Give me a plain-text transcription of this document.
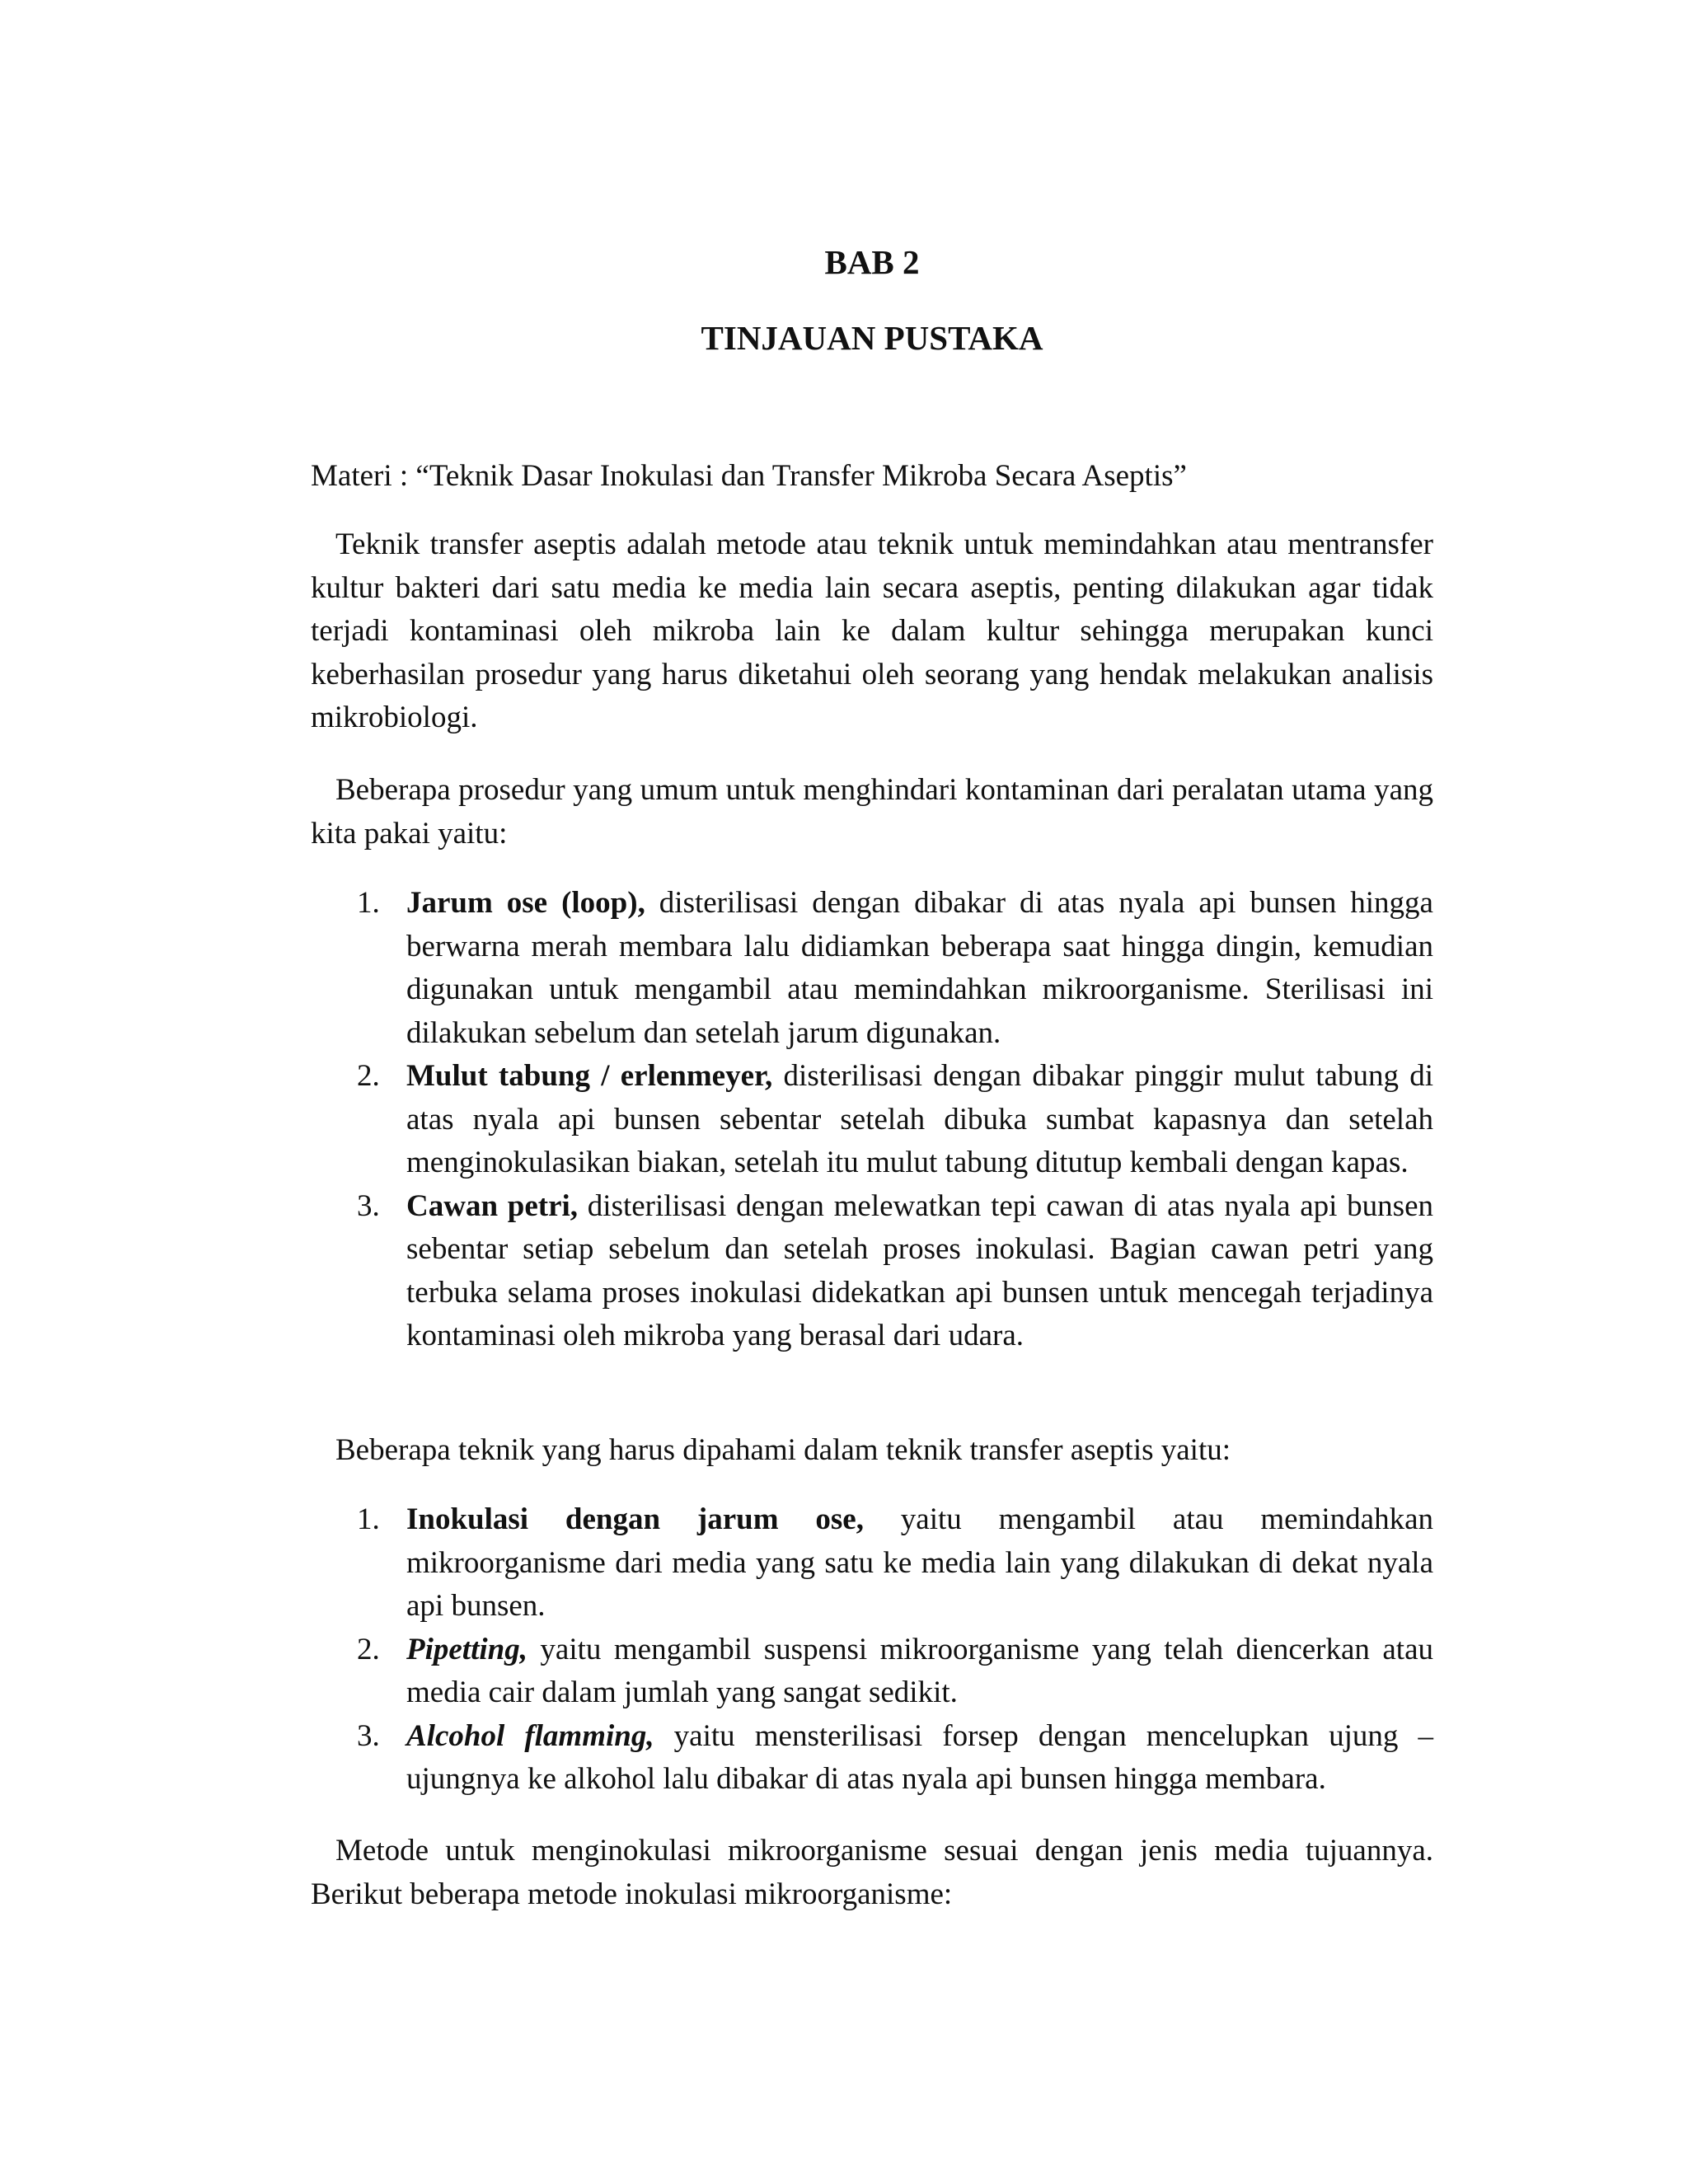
BAB 2
TINJAUAN PUSTAKA

Materi : “Teknik Dasar Inokulasi dan Transfer Mikroba Secara Aseptis”

Teknik transfer aseptis adalah metode atau teknik untuk memindahkan atau mentransfer kultur bakteri dari satu media ke media lain secara aseptis, penting dilakukan agar tidak terjadi kontaminasi oleh mikroba lain ke dalam kultur sehingga merupakan kunci keberhasilan prosedur yang harus diketahui oleh seorang yang hendak melakukan analisis mikrobiologi.

Beberapa prosedur yang umum untuk menghindari kontaminan dari peralatan utama yang kita pakai yaitu:

1. Jarum ose (loop), disterilisasi dengan dibakar di atas nyala api bunsen hingga berwarna merah membara lalu didiamkan beberapa saat hingga dingin, kemudian digunakan untuk mengambil atau memindahkan mikroorganisme. Sterilisasi ini dilakukan sebelum dan setelah jarum digunakan.
2. Mulut tabung / erlenmeyer, disterilisasi dengan dibakar pinggir mulut tabung di atas nyala api bunsen sebentar setelah dibuka sumbat kapasnya dan setelah menginokulasikan biakan, setelah itu mulut tabung ditutup kembali dengan kapas.
3. Cawan petri, disterilisasi dengan melewatkan tepi cawan di atas nyala api bunsen sebentar setiap sebelum dan setelah proses inokulasi. Bagian cawan petri yang terbuka selama proses inokulasi didekatkan api bunsen untuk mencegah terjadinya kontaminasi oleh mikroba yang berasal dari udara.

Beberapa teknik yang harus dipahami dalam teknik transfer aseptis yaitu:

1. Inokulasi dengan jarum ose, yaitu mengambil atau memindahkan mikroorganisme dari media yang satu ke media lain yang dilakukan di dekat nyala api bunsen.
2. Pipetting, yaitu mengambil suspensi mikroorganisme yang telah diencerkan atau media cair dalam jumlah yang sangat sedikit.
3. Alcohol flamming, yaitu mensterilisasi forsep dengan mencelupkan ujung – ujungnya ke alkohol lalu dibakar di atas nyala api bunsen hingga membara.

Metode untuk menginokulasi mikroorganisme sesuai dengan jenis media tujuannya. Berikut beberapa metode inokulasi mikroorganisme:
